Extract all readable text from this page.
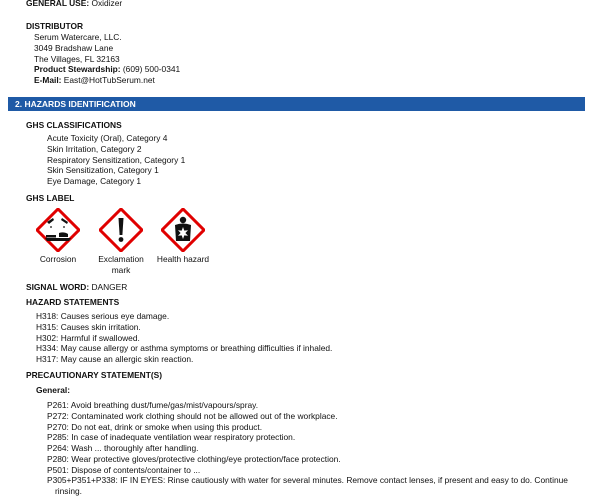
GENERAL USE: Oxidizer
DISTRIBUTOR
Serum Watercare, LLC.
3049 Bradshaw Lane
The Villages, FL 32163
Product Stewardship: (609) 500-0341
E-Mail: East@HotTubSerum.net
2. HAZARDS IDENTIFICATION
GHS CLASSIFICATIONS
Acute Toxicity (Oral), Category 4
Skin Irritation, Category 2
Respiratory Sensitization, Category 1
Skin Sensitization, Category 1
Eye Damage, Category 1
GHS LABEL
Corrosion	Exclamation mark
Health hazard
SIGNAL WORD: DANGER
HAZARD STATEMENTS
H318: Causes serious eye damage.
H315: Causes skin irritation.
H302: Harmful if swallowed.
H334: May cause allergy or asthma symptoms or breathing difficulties if inhaled.
H317: May cause an allergic skin reaction.
PRECAUTIONARY STATEMENT(S)
General:
P261: Avoid breathing dust/fume/gas/mist/vapours/spray.
P272: Contaminated work clothing should not be allowed out of the workplace.
P270: Do not eat, drink or smoke when using this product.
P285: In case of inadequate ventilation wear respiratory protection.
P264: Wash ... thoroughly after handling.
P280: Wear protective gloves/protective clothing/eye protection/face protection.
P501: Dispose of contents/container to ...
P305+P351+P338: IF IN EYES: Rinse cautiously with water for several minutes. Remove contact lenses, if present and easy to do. Continue
rinsing.
